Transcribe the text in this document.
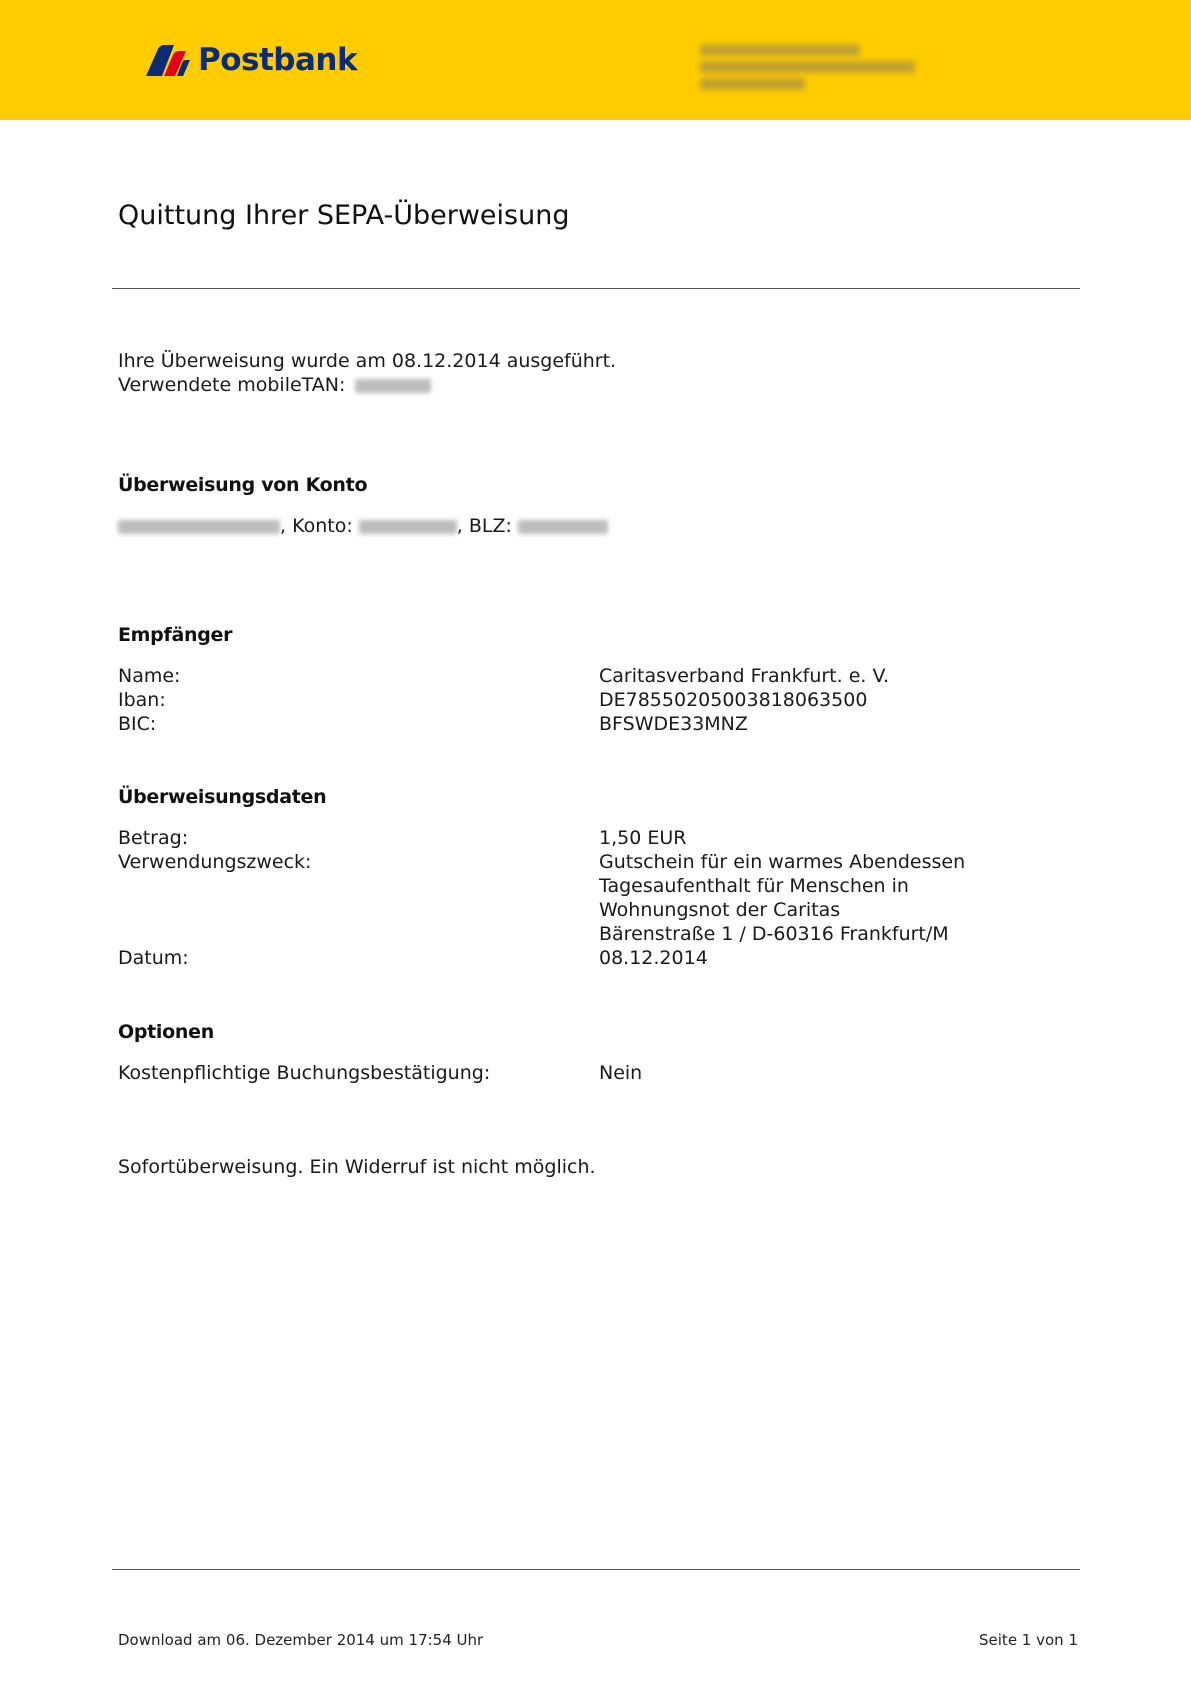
Postbank
Quittung Ihrer SEPA-Überweisung
Ihre Überweisung wurde am 08.12.2014 ausgeführt.
Verwendete mobileTAN:
Überweisung von Konto
, Konto:	, BLZ:
Empfänger
Name:	Caritasverband Frankfurt. e. V.
Iban:	DE78550205003818063500
BIC:	BFSWDE33MNZ
Überweisungsdaten
Betrag:	1,50 EUR
Verwendungszweck:	Gutschein für ein warmes Abendessen
Tagesaufenthalt für Menschen in
Wohnungsnot der Caritas
Bärenstraße 1 / D-60316 Frankfurt/M
Datum:	08.12.2014
Optionen
Kostenpflichtige Buchungsbestätigung:	Nein
Sofortüberweisung. Ein Widerruf ist nicht möglich.
Download am 06. Dezember 2014 um 17:54 Uhr	Seite 1 von 1
